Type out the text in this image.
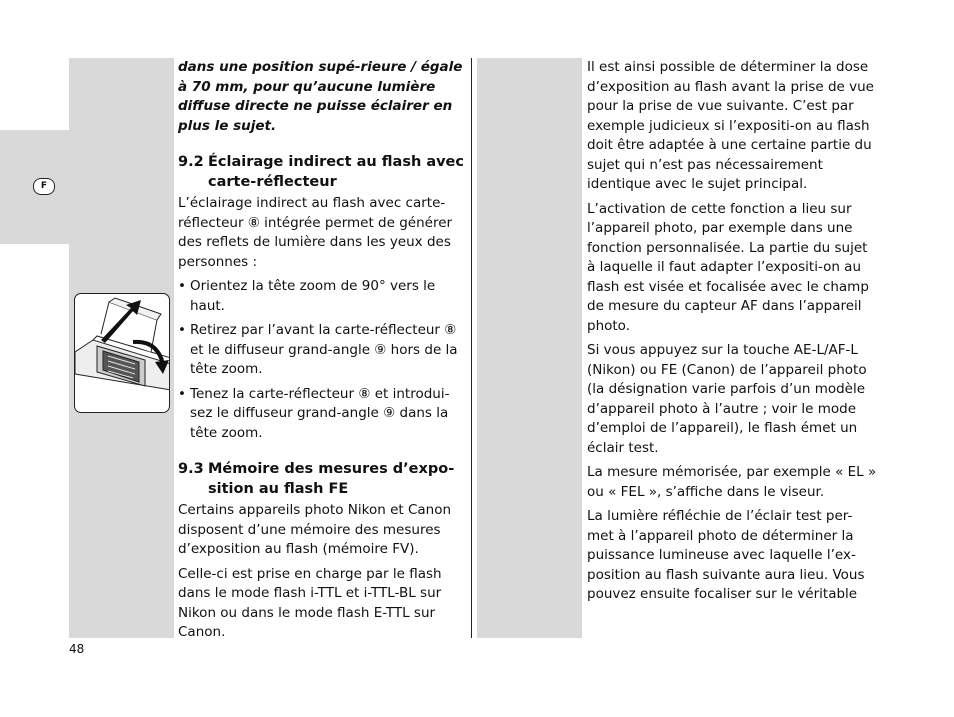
F

dans une position supé-rieure / égale à 70 mm, pour qu’aucune lumière diffuse directe ne puisse éclairer en plus le sujet.

9.2 Éclairage indirect au flash avec carte-réflecteur

L’éclairage indirect au flash avec carte-réflecteur ⑧ intégrée permet de générer des reflets de lumière dans les yeux des personnes :

• Orientez la tête zoom de 90° vers le haut.
• Retirez par l’avant la carte-réflecteur ⑧ et le diffuseur grand-angle ⑨ hors de la tête zoom.
• Tenez la carte-réflecteur ⑧ et introdui-sez le diffuseur grand-angle ⑨ dans la tête zoom.
9.3 Mémoire des mesures d’expo-sition au flash FE

Certains appareils photo Nikon et Canon disposent d’une mémoire des mesures d’exposition au flash (mémoire FV).

Celle-ci est prise en charge par le flash dans le mode flash i-TTL et i-TTL-BL sur Nikon ou dans le mode flash E-TTL sur Canon.

Il est ainsi possible de déterminer la dose d’exposition au flash avant la prise de vue pour la prise de vue suivante. C’est par exemple judicieux si l’expositi-on au flash doit être adaptée à une certaine partie du sujet qui n’est pas nécessairement identique avec le sujet principal.

L’activation de cette fonction a lieu sur l’appareil photo, par exemple dans une fonction personnalisée. La partie du sujet à laquelle il faut adapter l’expositi-on au flash est visée et focalisée avec le champ de mesure du capteur AF dans l’appareil photo.

Si vous appuyez sur la touche AE-L/AF-L (Nikon) ou FE (Canon) de l’appareil photo (la désignation varie parfois d’un modèle d’appareil photo à l’autre ; voir le mode d’emploi de l’appareil), le flash émet un éclair test.

La mesure mémorisée, par exemple « EL » ou « FEL », s’affiche dans le viseur.

La lumière réfléchie de l’éclair test per-met à l’appareil photo de déterminer la puissance lumineuse avec laquelle l’ex-position au flash suivante aura lieu. Vous pouvez ensuite focaliser sur le véritable

48
